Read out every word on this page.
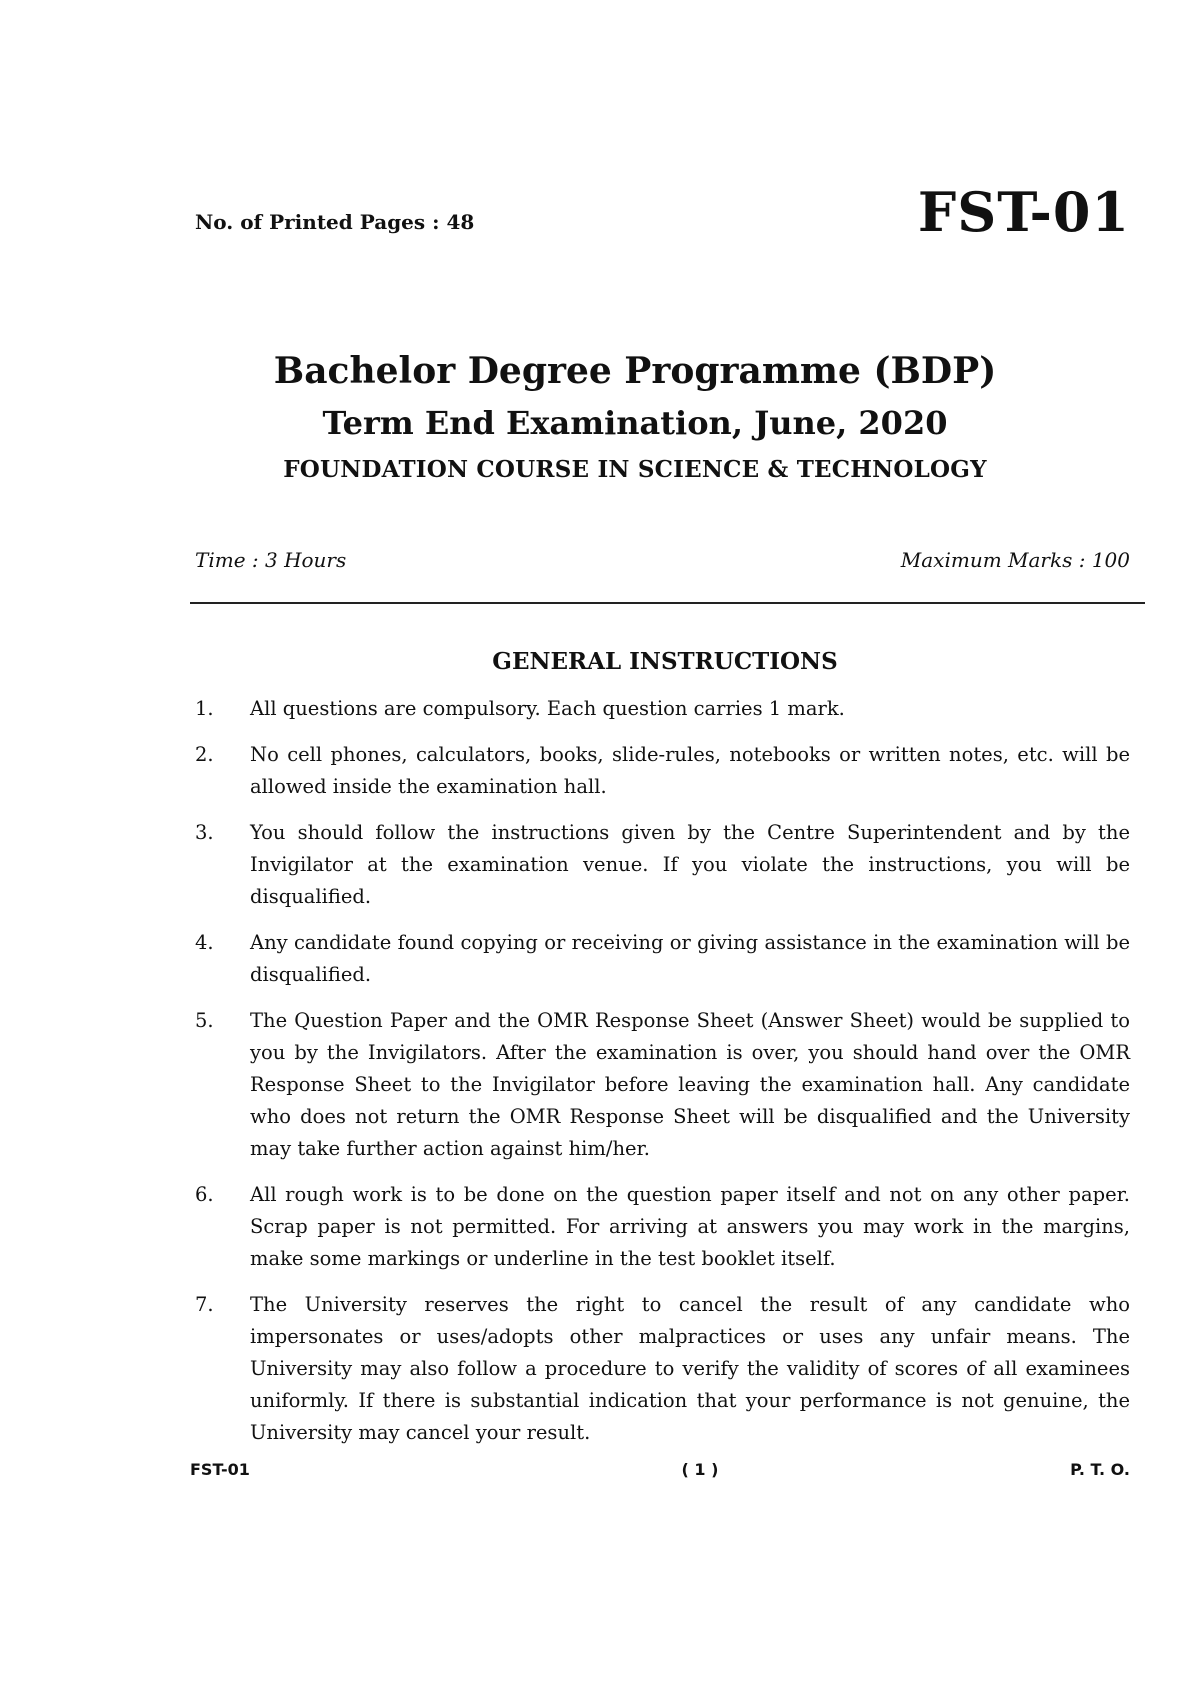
No. of Printed Pages : 48	FST-01
Bachelor Degree Programme (BDP)
Term End Examination, June, 2020
FOUNDATION COURSE IN SCIENCE & TECHNOLOGY
Time : 3 Hours	Maximum Marks : 100
GENERAL INSTRUCTIONS
1.	All questions are compulsory. Each question carries 1 mark.
2.	No cell phones, calculators, books, slide-rules, notebooks or written notes, etc. will be allowed inside the examination hall.
3.	You should follow the instructions given by the Centre Superintendent and by the Invigilator at the examination venue. If you violate the instructions, you will be disqualified.
4.	Any candidate found copying or receiving or giving assistance in the examination will be disqualified.
5.	The Question Paper and the OMR Response Sheet (Answer Sheet) would be supplied to you by the Invigilators. After the examination is over, you should hand over the OMR Response Sheet to the Invigilator before leaving the examination hall. Any candidate who does not return the OMR Response Sheet will be disqualified and the University may take further action against him/her.
6.	All rough work is to be done on the question paper itself and not on any other paper. Scrap paper is not permitted. For arriving at answers you may work in the margins, make some markings or underline in the test booklet itself.
7.	The University reserves the right to cancel the result of any candidate who impersonates or uses/adopts other malpractices or uses any unfair means. The University may also follow a procedure to verify the validity of scores of all examinees uniformly. If there is substantial indication that your performance is not genuine, the University may cancel your result.
FST-01	( 1 )	P. T. O.
